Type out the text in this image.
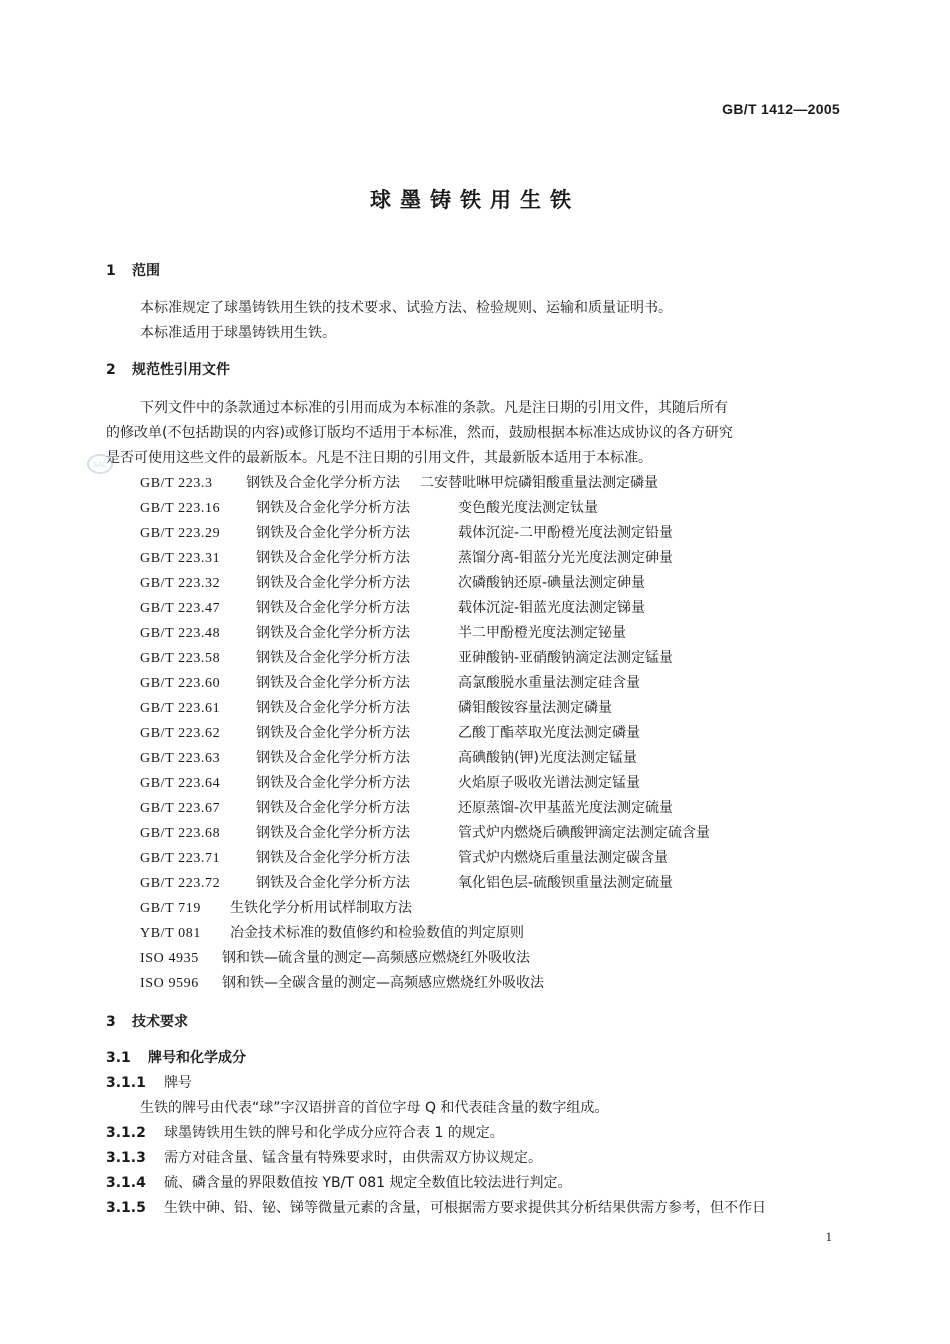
GB/T 1412—2005
球墨铸铁用生铁
1 范围
本标准规定了球墨铸铁用生铁的技术要求、试验方法、检验规则、运输和质量证明书。
本标准适用于球墨铸铁用生铁。
2 规范性引用文件
下列文件中的条款通过本标准的引用而成为本标准的条款。凡是注日期的引用文件，其随后所有
的修改单(不包括勘误的内容)或修订版均不适用于本标准，然而，鼓励根据本标准达成协议的各方研究
是否可使用这些文件的最新版本。凡是不注日期的引用文件，其最新版本适用于本标准。
SAC
GB/T 223.3 钢铁及合金化学分析方法 二安替吡啉甲烷磷钼酸重量法测定磷量
GB/T 223.16	钢铁及合金化学分析方法	变色酸光度法测定钛量
GB/T 223.29	钢铁及合金化学分析方法	载体沉淀-二甲酚橙光度法测定铅量
GB/T 223.31	钢铁及合金化学分析方法	蒸馏分离-钼蓝分光光度法测定砷量
GB/T 223.32	钢铁及合金化学分析方法	次磷酸钠还原-碘量法测定砷量
GB/T 223.47	钢铁及合金化学分析方法	载体沉淀-钼蓝光度法测定锑量
GB/T 223.48	钢铁及合金化学分析方法	半二甲酚橙光度法测定铋量
GB/T 223.58	钢铁及合金化学分析方法	亚砷酸钠-亚硝酸钠滴定法测定锰量
GB/T 223.60	钢铁及合金化学分析方法	高氯酸脱水重量法测定硅含量
GB/T 223.61	钢铁及合金化学分析方法	磷钼酸铵容量法测定磷量
GB/T 223.62	钢铁及合金化学分析方法	乙酸丁酯萃取光度法测定磷量
GB/T 223.63	钢铁及合金化学分析方法	高碘酸钠(钾)光度法测定锰量
GB/T 223.64	钢铁及合金化学分析方法	火焰原子吸收光谱法测定锰量
GB/T 223.67	钢铁及合金化学分析方法	还原蒸馏-次甲基蓝光度法测定硫量
GB/T 223.68	钢铁及合金化学分析方法	管式炉内燃烧后碘酸钾滴定法测定硫含量
GB/T 223.71	钢铁及合金化学分析方法	管式炉内燃烧后重量法测定碳含量
GB/T 223.72	钢铁及合金化学分析方法	氧化铝色层-硫酸钡重量法测定硫量
GB/T 719 生铁化学分析用试样制取方法
YB/T 081 冶金技术标准的数值修约和检验数值的判定原则
ISO 4935 钢和铁—硫含量的测定—高频感应燃烧红外吸收法
ISO 9596 钢和铁—全碳含量的测定—高频感应燃烧红外吸收法
3 技术要求
3.1 牌号和化学成分
3.1.1 牌号
生铁的牌号由代表“球”字汉语拼音的首位字母 Q 和代表硅含量的数字组成。
3.1.2 球墨铸铁用生铁的牌号和化学成分应符合表 1 的规定。
3.1.3 需方对硅含量、锰含量有特殊要求时，由供需双方协议规定。
3.1.4 硫、磷含量的界限数值按 YB/T 081 规定全数值比较法进行判定。
3.1.5 生铁中砷、铅、铋、锑等微量元素的含量，可根据需方要求提供其分析结果供需方参考，但不作日
1
